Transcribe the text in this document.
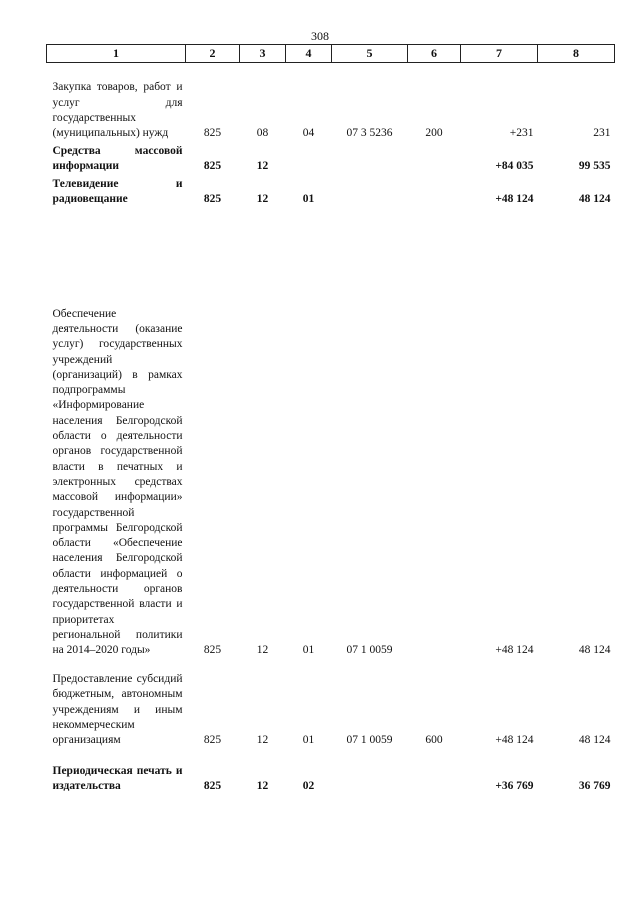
308
1	2	3	4	5	6	7	8
Закупка товаров, работ и услуг для государственных (муниципальных) нужд	825	08	04	07 3 5236	200	+231	231
Средства массовой информации	825	12				+84 035	99 535
Телевидение и радиовещание	825	12	01			+48 124	48 124
Обеспечение деятельности (оказание услуг) государственных учреждений (организаций) в рамках подпрограммы «Информирование населения Белгородской области о деятельности органов государственной власти в печатных и электронных средствах массовой информации» государственной программы Белгородской области «Обеспечение населения Белгородской области информацией о деятельности органов государственной власти и приоритетах региональной политики на 2014–2020 годы»	825	12	01	07 1 0059		+48 124	48 124
Предоставление субсидий бюджетным, автономным учреждениям и иным некоммерческим организациям	825	12	01	07 1 0059	600	+48 124	48 124
Периодическая печать и издательства	825	12	02			+36 769	36 769
